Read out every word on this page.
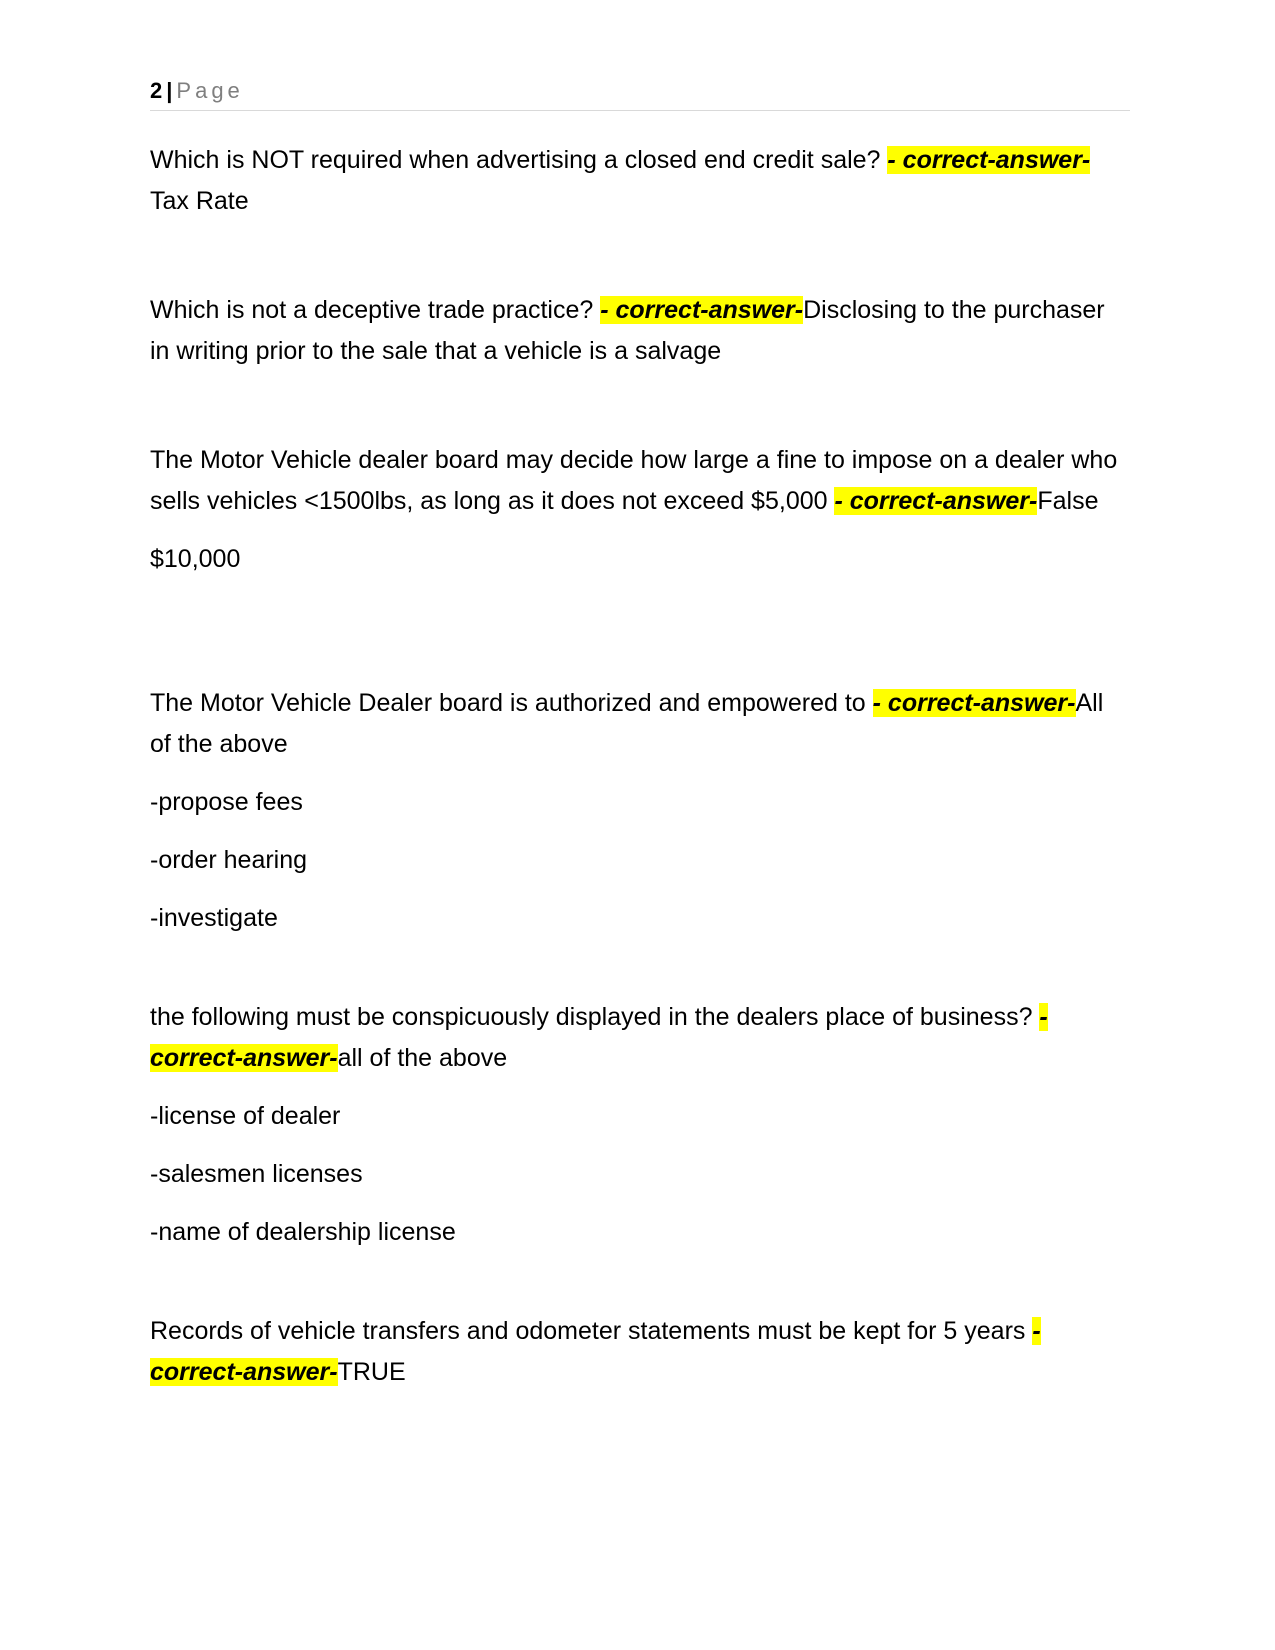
2 | Page

Which is NOT required when advertising a closed end credit sale? - correct-answer-Tax Rate

Which is not a deceptive trade practice? - correct-answer-Disclosing to the purchaser in writing prior to the sale that a vehicle is a salvage

The Motor Vehicle dealer board may decide how large a fine to impose on a dealer who sells vehicles <1500lbs, as long as it does not exceed $5,000 - correct-answer-False

$10,000

The Motor Vehicle Dealer board is authorized and empowered to - correct-answer-All of the above

-propose fees
-order hearing
-investigate

the following must be conspicuously displayed in the dealers place of business? - correct-answer-all of the above

-license of dealer
-salesmen licenses
-name of dealership license

Records of vehicle transfers and odometer statements must be kept for 5 years - correct-answer-TRUE
